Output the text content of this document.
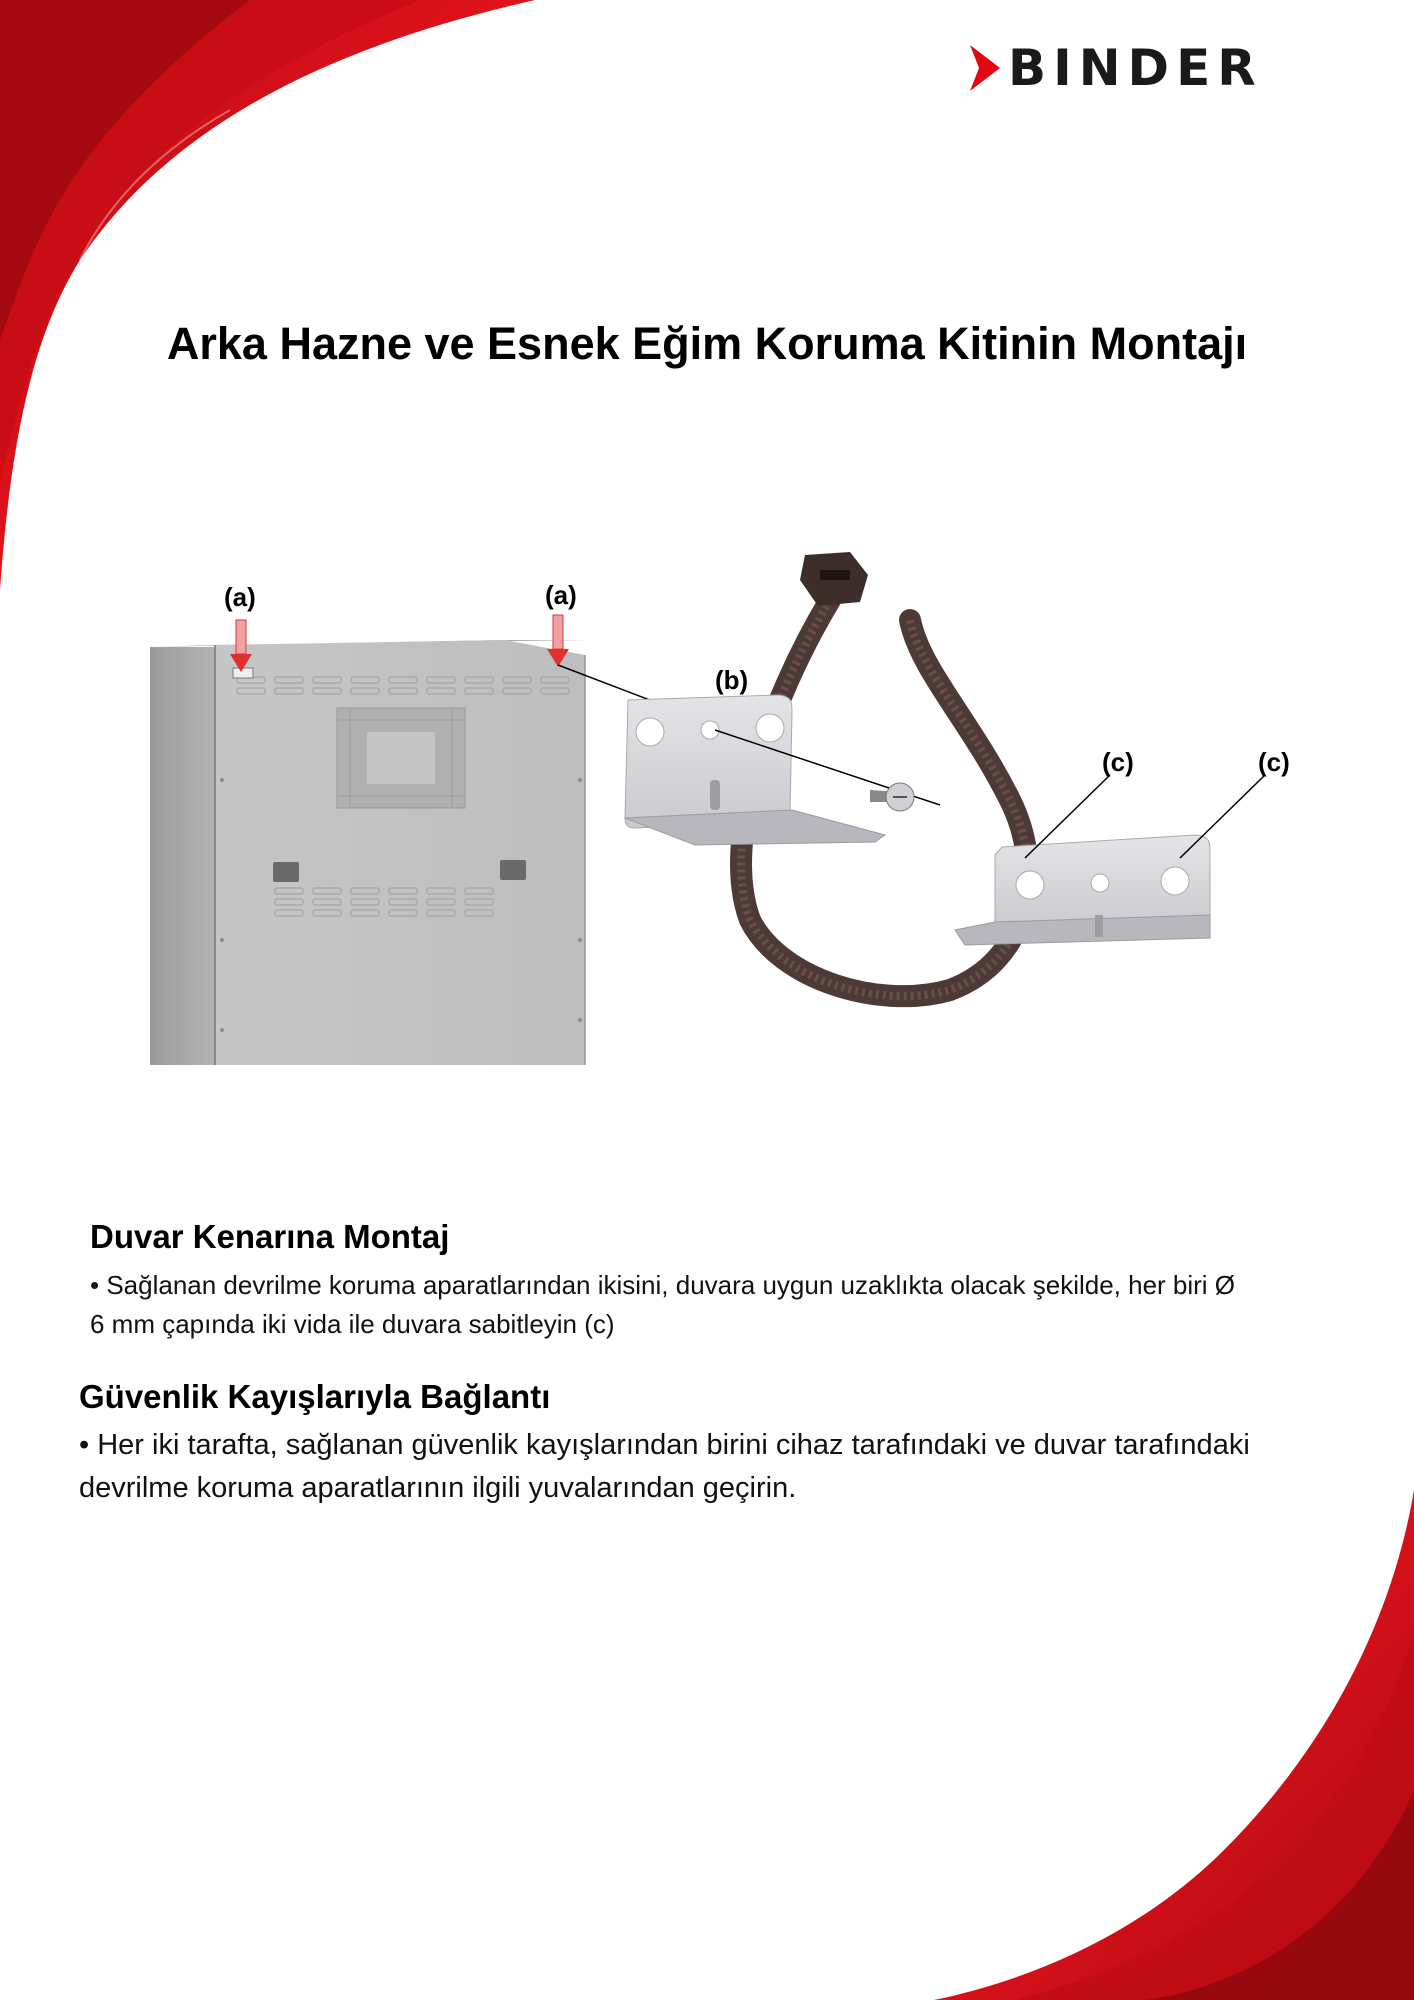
BINDER
Arka Hazne ve Esnek Eğim Koruma Kitinin Montajı
(a)	(a)
(b)
(c)	(c)
Duvar Kenarına Montaj
• Sağlanan devrilme koruma aparatlarından ikisini, duvara uygun uzaklıkta olacak şekilde, her biri Ø
6 mm çapında iki vida ile duvara sabitleyin (c)
Güvenlik Kayışlarıyla Bağlantı
• Her iki tarafta, sağlanan güvenlik kayışlarından birini cihaz tarafındaki ve duvar tarafındaki
devrilme koruma aparatlarının ilgili yuvalarından geçirin.
